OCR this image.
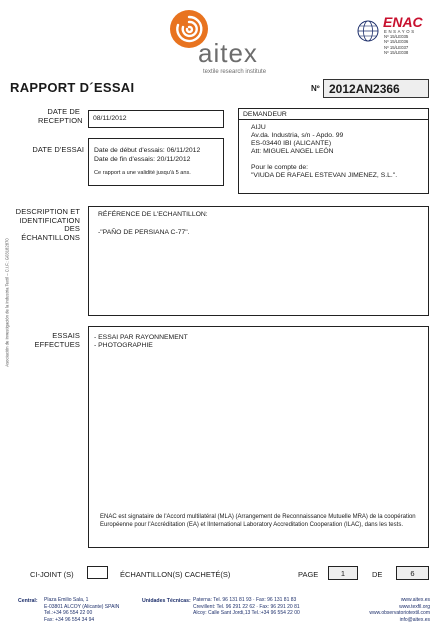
aitex
textile research institute
ENAC
ENSAYOS
Nº 15/LE035
Nº 15/LE036
Nº 15/LE037
Nº 15/LE038
RAPPORT D´ESSAI	Nº 2012AN2366
DATE DE RECEPTION 08/11/2012
DATE D'ESSAI Date de début d'essais: 06/11/2012
Date de fin d'essais: 20/11/2012
Ce rapport a une validité jusqu'à 5 ans.
DEMANDEUR
AIJU
Av.da. Industria, s/n - Apdo. 99
ES-03440 IBI (ALICANTE)
Att: MIGUEL ANGEL LEÓN
Pour le compte de:
"VIUDA DE RAFAEL ESTEVAN JIMENEZ, S.L.".
DESCRIPTION ET IDENTIFICATION DES ÉCHANTILLONS
RÉFÉRENCE DE L'ECHANTILLON:
-"PAÑO DE PERSIANA C-77".
Asociación de Investigación de la Industria Textil – C.I.F.: G03182870	ESSAIS EFFECTUES
- ESSAI PAR RAYONNEMENT
- PHOTOGRAPHIE
ENAC est signataire de l'Accord multilatéral (MLA) (Arrangement de Reconnaissance Mutuelle MRA) de la coopération Européenne pour l'Accréditation (EA) et lInternational Laboratory Accreditation Cooperation (ILAC), dans les tests.
CI-JOINT (S)	ÉCHANTILLON(S) CACHETÉ(S)	PAGE	1	DE	6
Central: Plaza Emilio Sala, 1
E-03801 ALCOY (Alicante) SPAIN
Tel.:+34 96 554 22 00
Fax: +34 96 554 34 94
Unidades Técnicas: Paterna: Tel. 96 131 81 93 · Fax: 96 131 81 83
Crevillent: Tel. 96 291 22 62 · Fax: 96 291 20 81
Alcoy: Calle Sant Jordi,13 Tel.:+34 96 554 22 00
www.aitex.es
www.texfil.org
www.observatoriotextil.com
info@aitex.es
